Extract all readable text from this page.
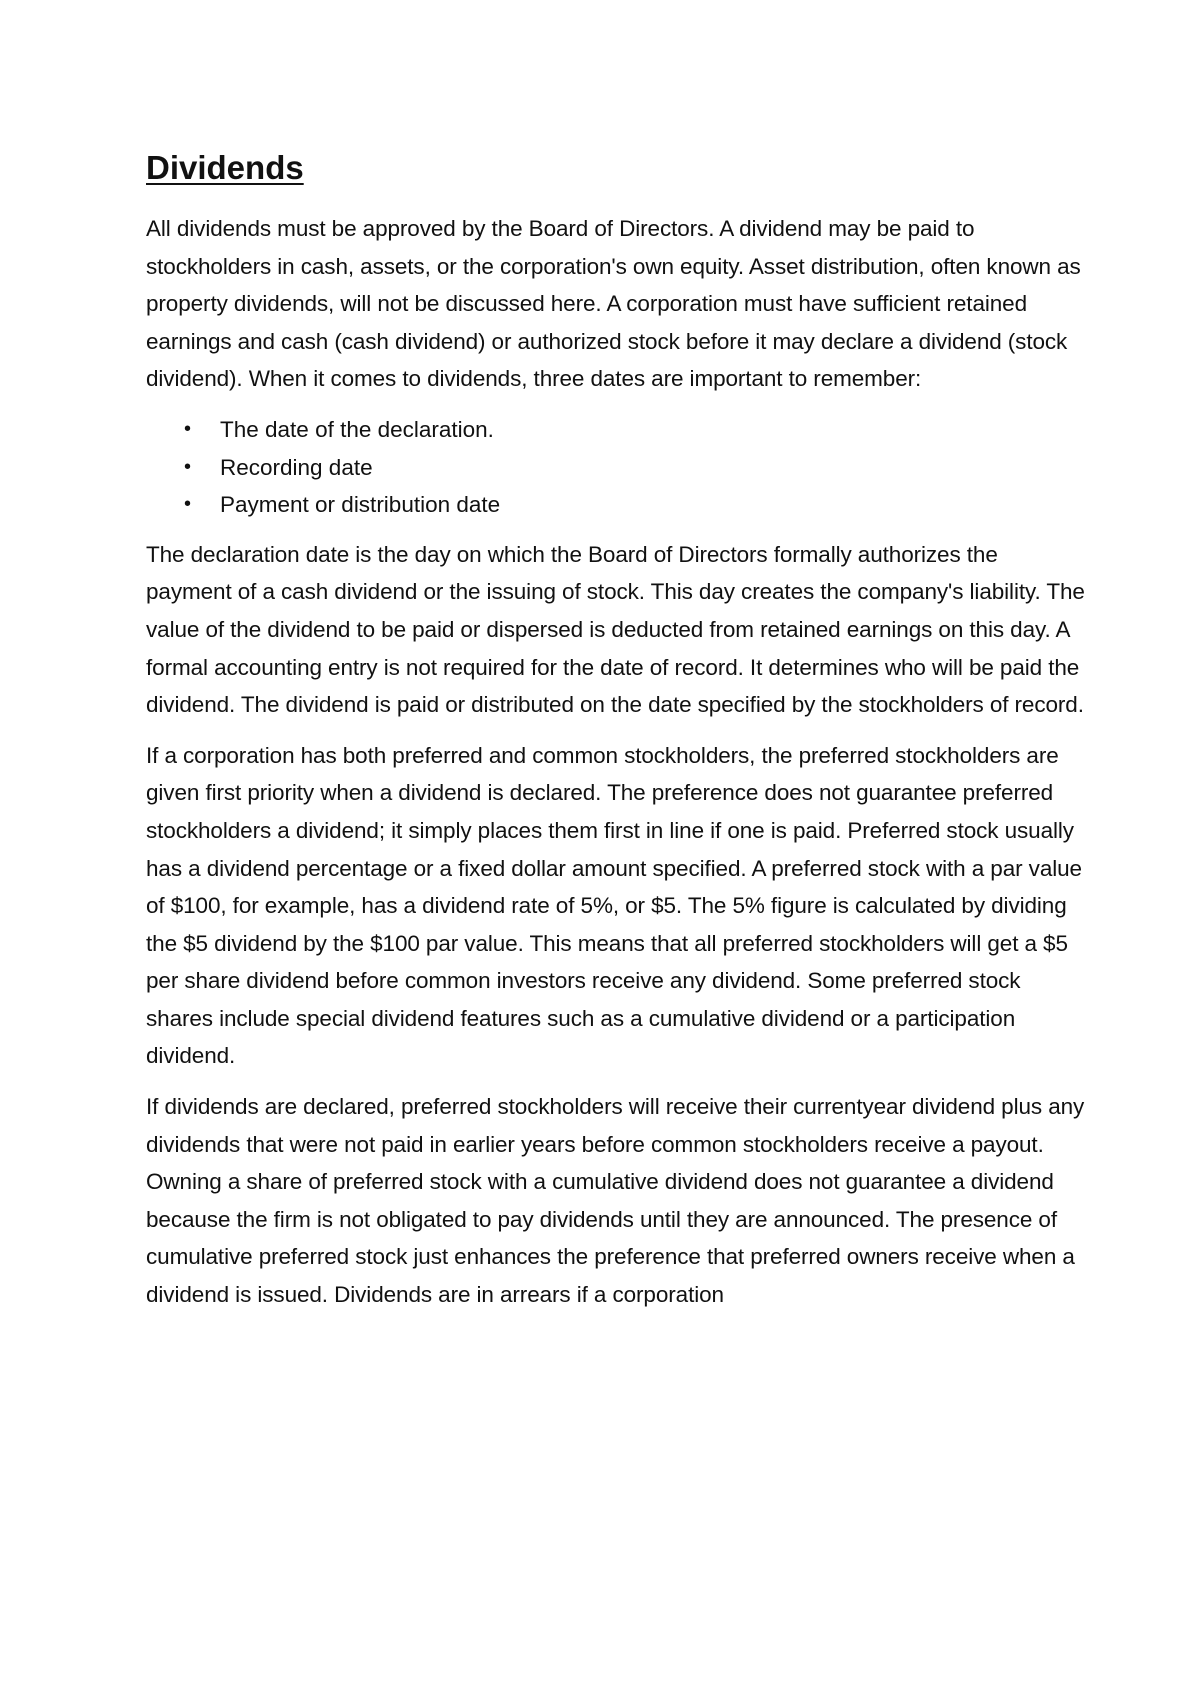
Dividends

All dividends must be approved by the Board of Directors. A dividend may be paid to stockholders in cash, assets, or the corporation's own equity. Asset distribution, often known as property dividends, will not be discussed here. A corporation must have sufficient retained earnings and cash (cash dividend) or authorized stock before it may declare a dividend (stock dividend). When it comes to dividends, three dates are important to remember:

• The date of the declaration.
• Recording date
• Payment or distribution date

The declaration date is the day on which the Board of Directors formally authorizes the payment of a cash dividend or the issuing of stock. This day creates the company's liability. The value of the dividend to be paid or dispersed is deducted from retained earnings on this day. A formal accounting entry is not required for the date of record. It determines who will be paid the dividend. The dividend is paid or distributed on the date specified by the stockholders of record.

If a corporation has both preferred and common stockholders, the preferred stockholders are given first priority when a dividend is declared. The preference does not guarantee preferred stockholders a dividend; it simply places them first in line if one is paid. Preferred stock usually has a dividend percentage or a fixed dollar amount specified. A preferred stock with a par value of $100, for example, has a dividend rate of 5%, or $5. The 5% figure is calculated by dividing the $5 dividend by the $100 par value. This means that all preferred stockholders will get a $5 per share dividend before common investors receive any dividend. Some preferred stock shares include special dividend features such as a cumulative dividend or a participation dividend.

If dividends are declared, preferred stockholders will receive their currentyear dividend plus any dividends that were not paid in earlier years before common stockholders receive a payout. Owning a share of preferred stock with a cumulative dividend does not guarantee a dividend because the firm is not obligated to pay dividends until they are announced. The presence of cumulative preferred stock just enhances the preference that preferred owners receive when a dividend is issued. Dividends are in arrears if a corporation
